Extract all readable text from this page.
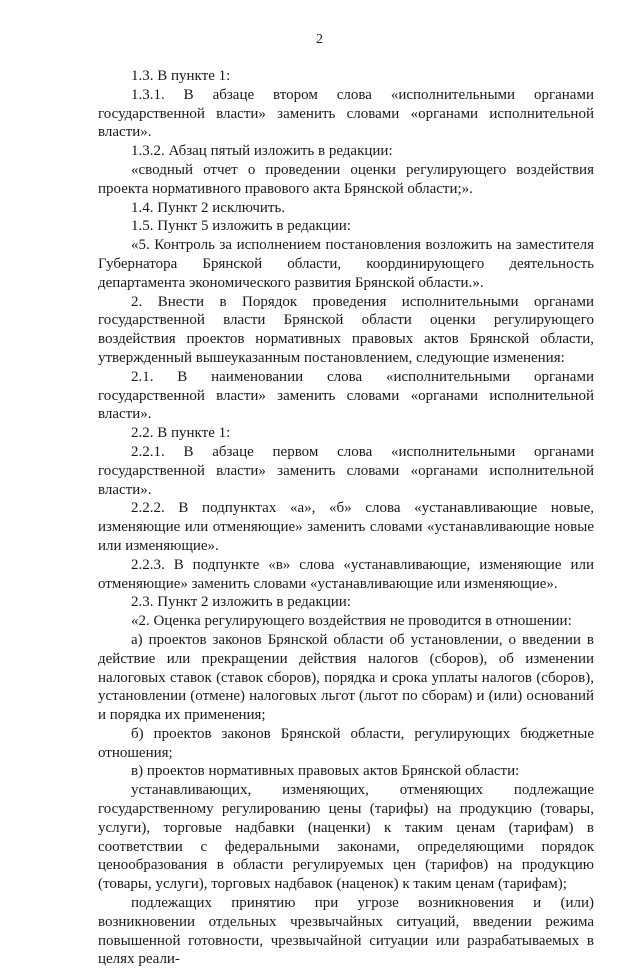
2

1.3. В пункте 1:

1.3.1. В абзаце втором слова «исполнительными органами государственной власти» заменить словами «органами исполнительной власти».

1.3.2. Абзац пятый изложить в редакции:

«сводный отчет о проведении оценки регулирующего воздействия проекта нормативного правового акта Брянской области;».

1.4. Пункт 2 исключить.

1.5. Пункт 5 изложить в редакции:

«5. Контроль за исполнением постановления возложить на заместителя Губернатора Брянской области, координирующего деятельность департамента экономического развития Брянской области.».

2. Внести в Порядок проведения исполнительными органами государственной власти Брянской области оценки регулирующего воздействия проектов нормативных правовых актов Брянской области, утвержденный вышеуказанным постановлением, следующие изменения:

2.1. В наименовании слова «исполнительными органами государственной власти» заменить словами «органами исполнительной власти».

2.2. В пункте 1:

2.2.1. В абзаце первом слова «исполнительными органами государственной власти» заменить словами «органами исполнительной власти».

2.2.2. В подпунктах «а», «б» слова «устанавливающие новые, изменяющие или отменяющие» заменить словами «устанавливающие новые или изменяющие».

2.2.3. В подпункте «в» слова «устанавливающие, изменяющие или отменяющие» заменить словами «устанавливающие или изменяющие».

2.3. Пункт 2 изложить в редакции:

«2. Оценка регулирующего воздействия не проводится в отношении:

а) проектов законов Брянской области об установлении, о введении в действие или прекращении действия налогов (сборов), об изменении налоговых ставок (ставок сборов), порядка и срока уплаты налогов (сборов), установлении (отмене) налоговых льгот (льгот по сборам) и (или) оснований и порядка их применения;

б) проектов законов Брянской области, регулирующих бюджетные отношения;

в) проектов нормативных правовых актов Брянской области:

устанавливающих, изменяющих, отменяющих подлежащие государственному регулированию цены (тарифы) на продукцию (товары, услуги), торговые надбавки (наценки) к таким ценам (тарифам) в соответствии с федеральными законами, определяющими порядок ценообразования в области регулируемых цен (тарифов) на продукцию (товары, услуги), торговых надбавок (наценок) к таким ценам (тарифам);

подлежащих принятию при угрозе возникновения и (или) возникновении отдельных чрезвычайных ситуаций, введении режима повышенной готовности, чрезвычайной ситуации или разрабатываемых в целях реали-
